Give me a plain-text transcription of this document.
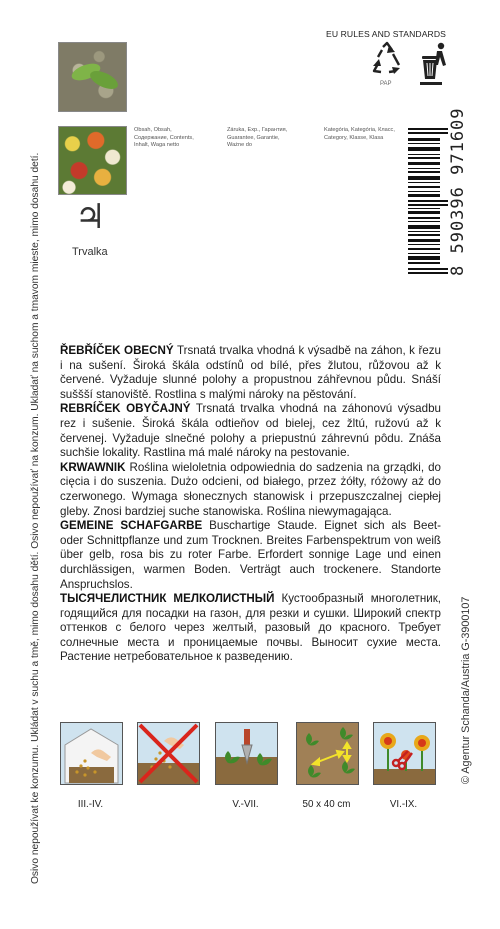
Osivo nepoužívat ke konzumu. Ukládat v suchu a tmě, mimo dosahu dětí. Osivo nepoužívať na konzum. Ukladať na suchom a tmavom mieste, mimo dosahu detí. ♃
Trvalka
Obsah, Obsah, Содержание, Contents, Inhalt, Waga netto
Záruka, Exp., Гарантия, Guarantee, Garantie, Ważne do
Kategória, Kategória, Класс, Category, Klasse, Klasa
EU RULES AND STANDARDS
PAP
8 590396 971609

ŘEBŘÍČEK OBECNÝ Trsnatá trvalka vhodná k výsadbě na záhon, k řezu i na sušení. Široká škála odstínů od bílé, přes žlutou, růžovou až k červené. Vyžaduje slunné polohy a propustnou záhřevnou půdu. Snáší suššší stanoviště. Rostlina s malými nároky na pěstování.

REBRÍČEK OBYČAJNÝ Trsnatá trvalka vhodná na záhonovú výsadbu rez i sušenie. Široká škála odtieňov od bielej, cez žltú, ružovú až k červenej. Vyžaduje slnečné polohy a priepustnú záhrevnú pôdu. Znáša suchšie lokality. Rastlina má malé nároky na pestovanie.

KRWAWNIK Roślina wieloletnia odpowiednia do sadzenia na grządki, do cięcia i do suszenia. Dużo odcieni, od białego, przez żółty, różowy aż do czerwonego. Wymaga słonecznych stanowisk i przepuszczalnej ciepłej gleby. Znosi bardziej suche stanowiska. Roślina niewymagająca.

GEMEINE SCHAFGARBE Buschartige Staude. Eignet sich als Beet- oder Schnittpflanze und zum Trocknen. Breites Farbenspektrum von weiß über gelb, rosa bis zu roter Farbe. Erfordert sonnige Lage und einen durchlässigen, warmen Boden. Verträgt auch trockenere. Standorte Anspruchslos.

ТЫСЯЧЕЛИСТНИК МЕЛКОЛИСТНЫЙ Кустообразный многолетник, годящийся для посадки на газон, для резки и сушки. Широкий спектр оттенков с белого через желтый, разовый до красного. Требует солнечные места и проницаемые почвы. Выносит сухие места. Растение нетребовательное к разведению.

III.-IV.	V.-VII.	50 x 40 cm	VI.-IX.
© Agentur Schanda/Austria G-3900107
